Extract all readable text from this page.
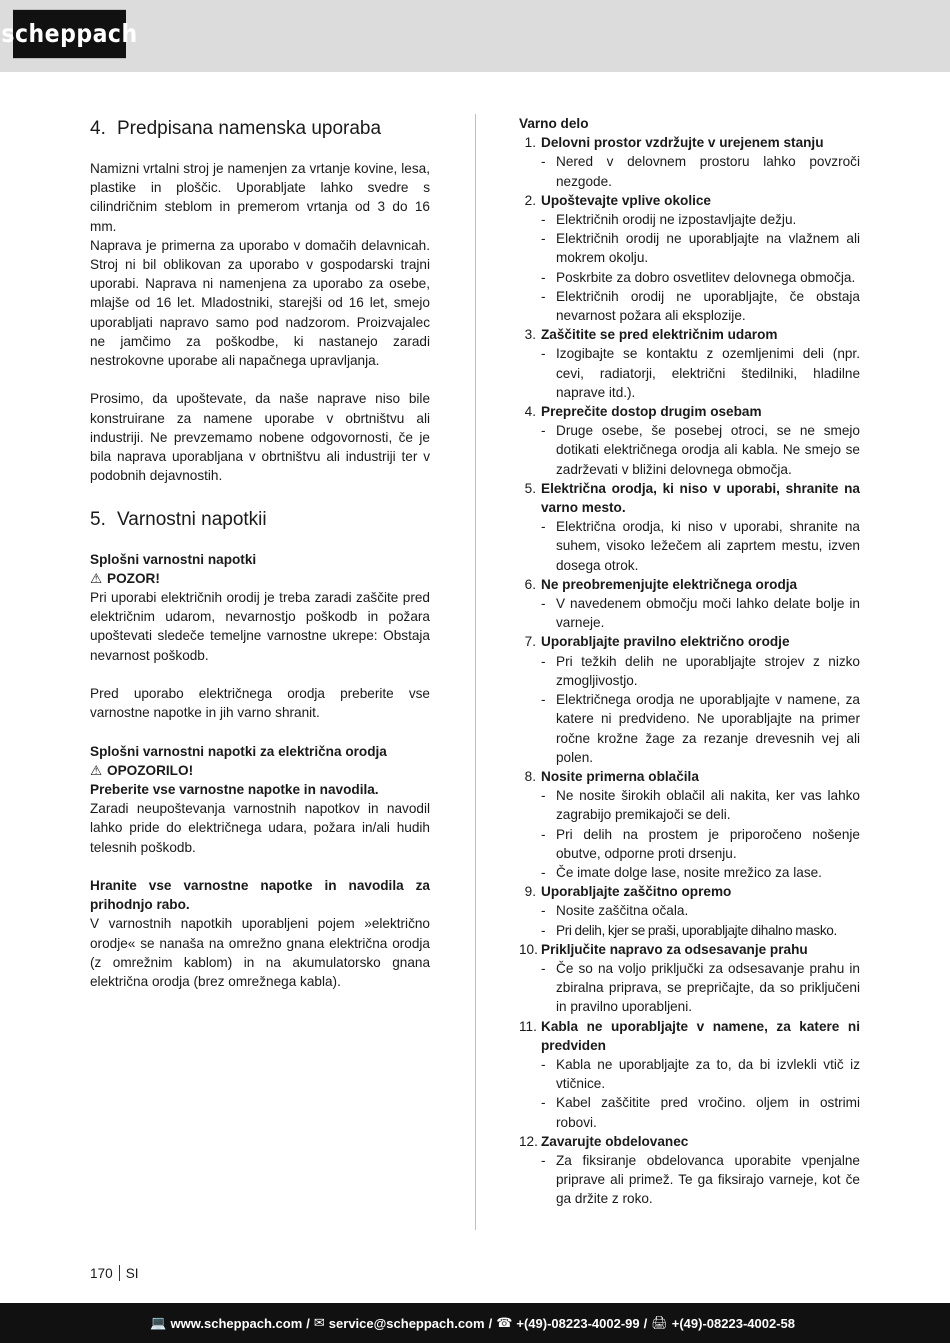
scheppach
4. Predpisana namenska uporaba

Namizni vrtalni stroj je namenjen za vrtanje kovine, lesa, plastike in ploščic. Uporabljate lahko svedre s cilindričnim steblom in premerom vrtanja od 3 do 16 mm.

Naprava je primerna za uporabo v domačih delavnicah. Stroj ni bil oblikovan za uporabo v gospodarski trajni uporabi. Naprava ni namenjena za uporabo za osebe, mlajše od 16 let. Mladostniki, starejši od 16 let, smejo uporabljati napravo samo pod nadzorom. Proizvajalec ne jamčimo za poškodbe, ki nastanejo zaradi nestrokovne uporabe ali napačnega upravljanja.

Prosimo, da upoštevate, da naše naprave niso bile konstruirane za namene uporabe v obrtništvu ali industriji. Ne prevzemamo nobene odgovornosti, če je bila naprava uporabljana v obrtništvu ali industriji ter v podobnih dejavnostih.

5. Varnostni napotkii

Splošni varnostni napotki

⚠ POZOR!

Pri uporabi električnih orodij je treba zaradi zaščite pred električnim udarom, nevarnostjo poškodb in požara upoštevati sledeče temeljne varnostne ukrepe: Obstaja nevarnost poškodb.

Pred uporabo električnega orodja preberite vse varnostne napotke in jih varno shranit.

Splošni varnostni napotki za električna orodja

⚠ OPOZORILO!

Preberite vse varnostne napotke in navodila.

Zaradi neupoštevanja varnostnih napotkov in navodil lahko pride do električnega udara, požara in/ali hudih telesnih poškodb.

Hranite vse varnostne napotke in navodila za prihodnjo rabo.

V varnostnih napotkih uporabljeni pojem »električno orodje« se nanaša na omrežno gnana električna orodja (z omrežnim kablom) in na akumulatorsko gnana električna orodja (brez omrežnega kabla).

Varno delo

1. Delovni prostor vzdržujte v urejenem stanju
- Nered v delovnem prostoru lahko povzroči nezgode.
2. Upoštevajte vplive okolice
- Električnih orodij ne izpostavljajte dežju.
- Električnih orodij ne uporabljajte na vlažnem ali mokrem okolju.
- Poskrbite za dobro osvetlitev delovnega območja.
- Električnih orodij ne uporabljajte, če obstaja nevarnost požara ali eksplozije.
3. Zaščitite se pred električnim udarom
- Izogibajte se kontaktu z ozemljenimi deli (npr. cevi, radiatorji, električni štedilniki, hladilne naprave itd.).
4. Preprečite dostop drugim osebam
- Druge osebe, še posebej otroci, se ne smejo dotikati električnega orodja ali kabla. Ne smejo se zadrževati v bližini delovnega območja.
5. Električna orodja, ki niso v uporabi, shranite na varno mesto.
- Električna orodja, ki niso v uporabi, shranite na suhem, visoko ležečem ali zaprtem mestu, izven dosega otrok.
6. Ne preobremenjujte električnega orodja
- V navedenem območju moči lahko delate bolje in varneje.
7. Uporabljajte pravilno električno orodje
- Pri težkih delih ne uporabljajte strojev z nizko zmogljivostjo.
- Električnega orodja ne uporabljajte v namene, za katere ni predvideno. Ne uporabljajte na primer ročne krožne žage za rezanje drevesnih vej ali polen.
8. Nosite primerna oblačila
- Ne nosite širokih oblačil ali nakita, ker vas lahko zagrabijo premikajoči se deli.
- Pri delih na prostem je priporočeno nošenje obutve, odporne proti drsenju.
- Če imate dolge lase, nosite mrežico za lase.
9. Uporabljajte zaščitno opremo
- Nosite zaščitna očala.
- Pri delih, kjer se praši, uporabljajte dihalno masko.
10. Priključite napravo za odsesavanje prahu
- Če so na voljo priključki za odsesavanje prahu in zbiralna priprava, se prepričajte, da so priključeni in pravilno uporabljeni.
11. Kabla ne uporabljajte v namene, za katere ni predviden
- Kabla ne uporabljajte za to, da bi izvlekli vtič iz vtičnice.
- Kabel zaščitite pred vročino. oljem in ostrimi robovi.
12. Zavarujte obdelovanec
- Za fiksiranje obdelovanca uporabite vpenjalne priprave ali primež. Te ga fiksirajo varneje, kot če ga držite z roko.
170 SI
💻 www.scheppach.com / ✉ service@scheppach.com / ☎ +(49)-08223-4002-99 / 🖨 +(49)-08223-4002-58
